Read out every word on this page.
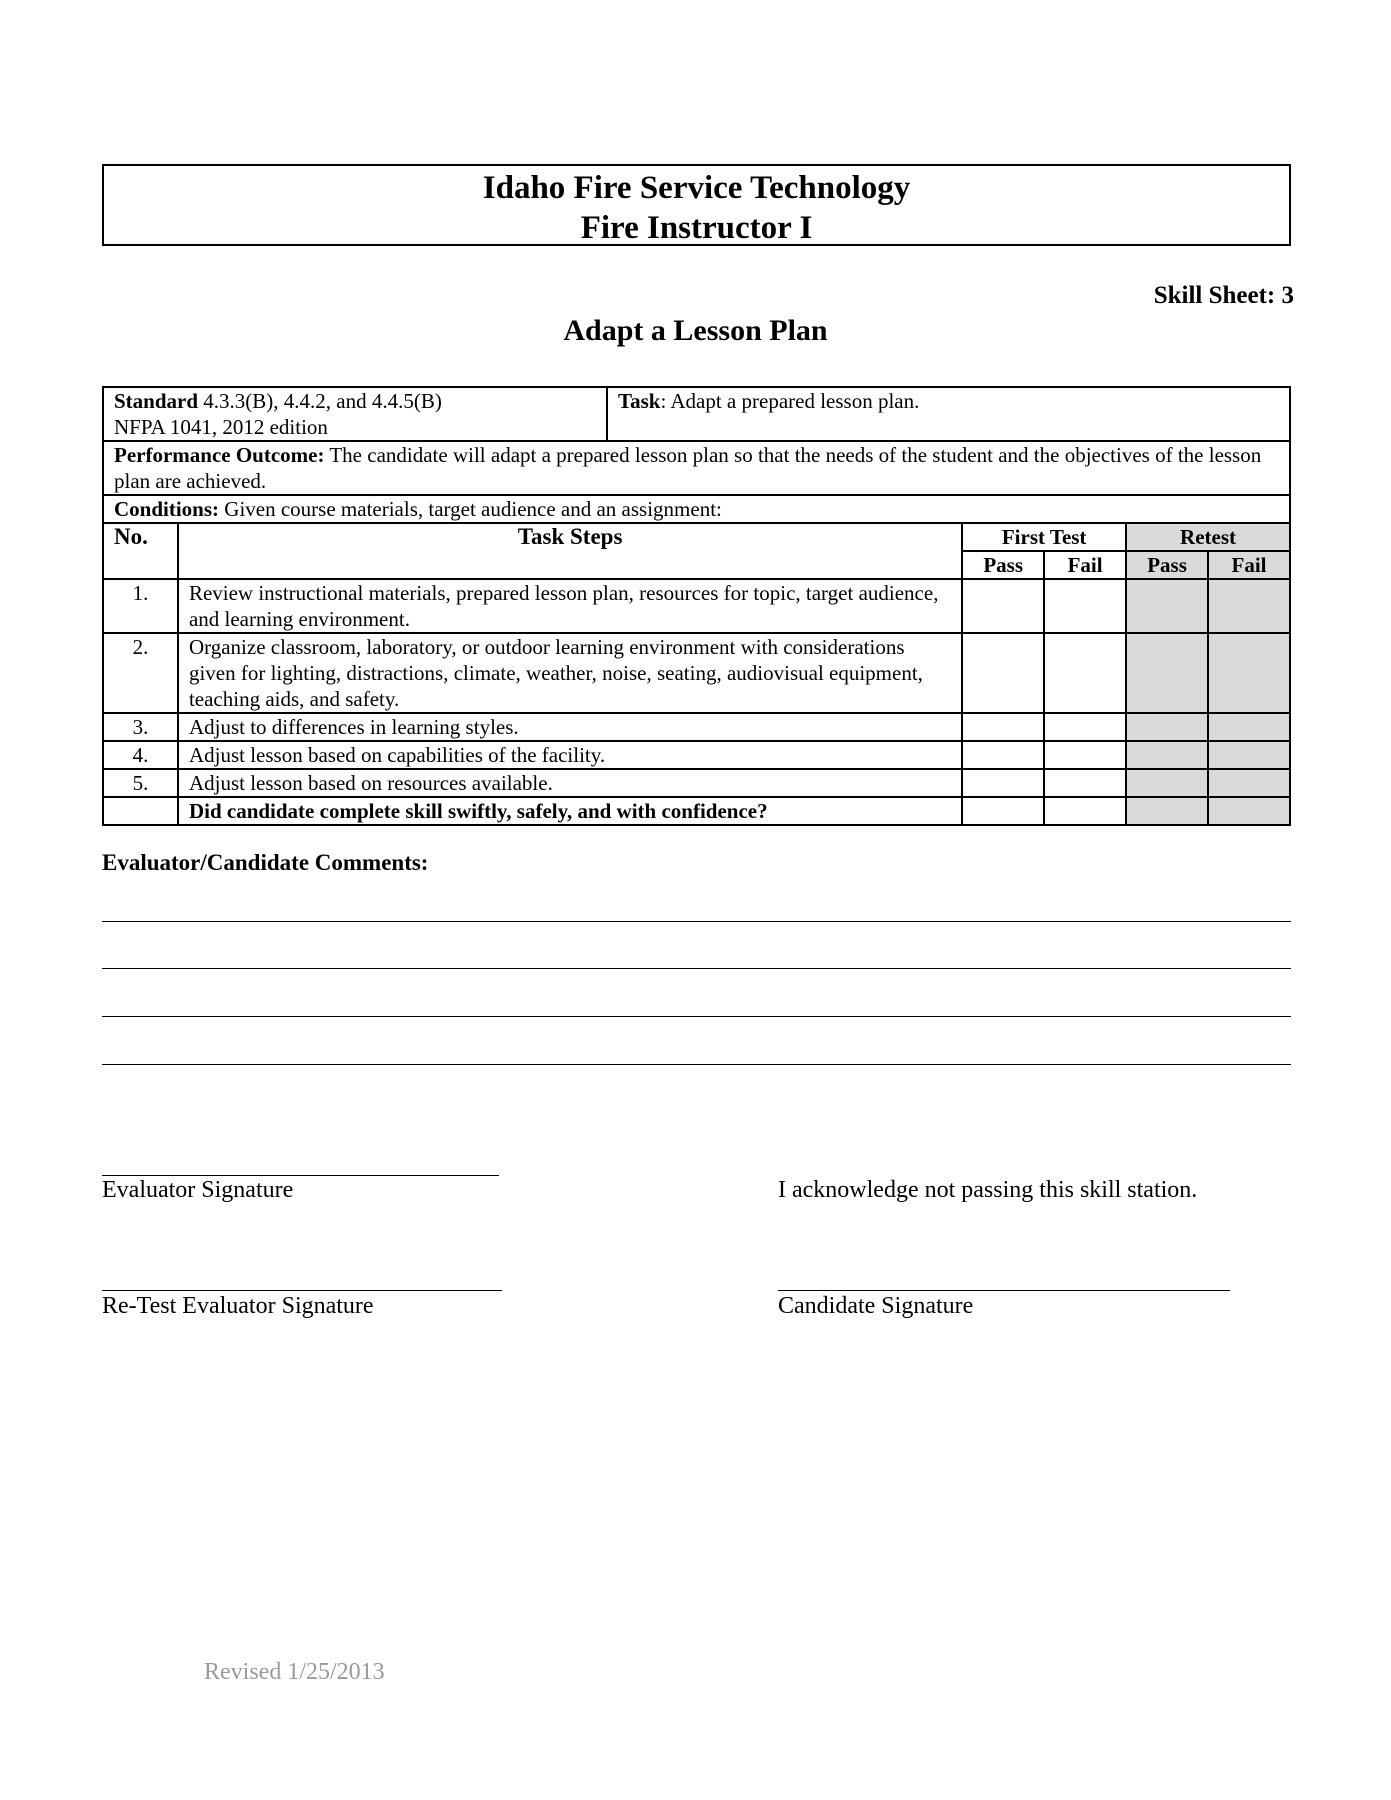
Idaho Fire Service Technology
Fire Instructor I
Skill Sheet: 3
Adapt a Lesson Plan
Standard 4.3.3(B), 4.4.2, and 4.4.5(B)
NFPA 1041, 2012 edition	Task: Adapt a prepared lesson plan.

Performance Outcome: The candidate will adapt a prepared lesson plan so that the needs of the student and the objectives of the lesson plan are achieved.
Conditions: Given course materials, target audience and an assignment:
No.	Task Steps	First Test	Retest
Pass	Fail	Pass	Fail
1.	Review instructional materials, prepared lesson plan, resources for topic, target audience, and learning environment.				
2.	Organize classroom, laboratory, or outdoor learning environment with considerations given for lighting, distractions, climate, weather, noise, seating, audiovisual equipment, teaching aids, and safety.				
3.	Adjust to differences in learning styles.				
4.	Adjust lesson based on capabilities of the facility.				
5.	Adjust lesson based on resources available.				
	Did candidate complete skill swiftly, safely, and with confidence?				
Evaluator/Candidate Comments:
Evaluator Signature	I acknowledge not passing this skill station.
Re-Test Evaluator Signature	Candidate Signature
Revised 1/25/2013
